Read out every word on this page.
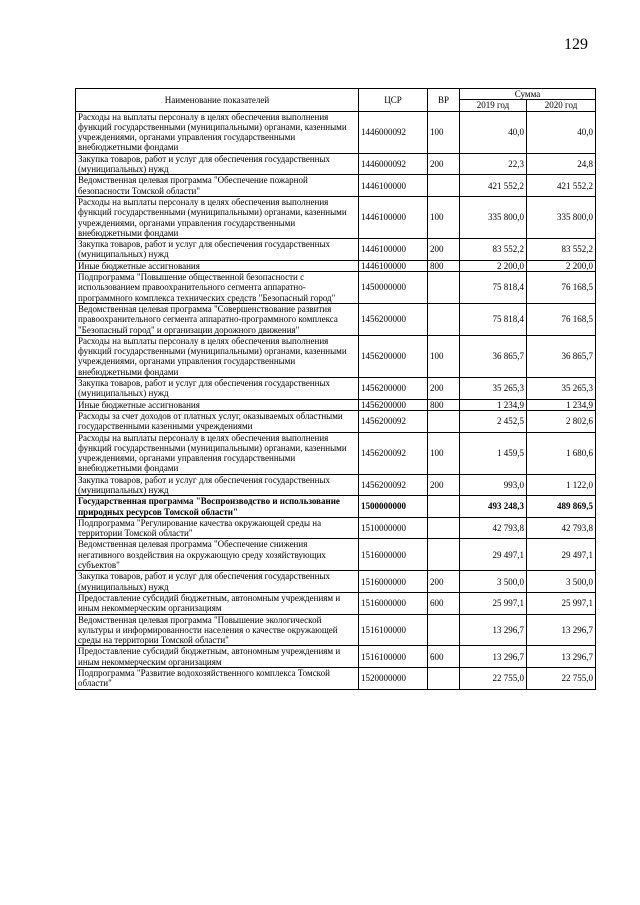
129
Наименование показателей	ЦСР	ВР	Сумма	
			2019 год	2020 год
Расходы на выплаты персоналу в целях обеспечения выполнения функций государственными (муниципальными) органами, казенными учреждениями, органами управления государственными внебюджетными фондами	1446000092	100	40,0	40,0
Закупка товаров, работ и услуг для обеспечения государственных (муниципальных) нужд	1446000092	200	22,3	24,8
Ведомственная целевая программа "Обеспечение пожарной безопасности Томской области"	1446100000		421 552,2	421 552,2
Расходы на выплаты персоналу в целях обеспечения выполнения функций государственными (муниципальными) органами, казенными учреждениями, органами управления государственными внебюджетными фондами	1446100000	100	335 800,0	335 800,0
Закупка товаров, работ и услуг для обеспечения государственных (муниципальных) нужд	1446100000	200	83 552,2	83 552,2
Иные бюджетные ассигнования	1446100000	800	2 200,0	2 200,0
Подпрограмма "Повышение общественной безопасности с использованием правоохранительного сегмента аппаратно-программного комплекса технических средств "Безопасный город"	1450000000		75 818,4	76 168,5
Ведомственная целевая программа "Совершенствование развития правоохранительного сегмента аппаратно-программного комплекса "Безопасный город" и организации дорожного движения"	1456200000		75 818,4	76 168,5
Расходы на выплаты персоналу в целях обеспечения выполнения функций государственными (муниципальными) органами, казенными учреждениями, органами управления государственными внебюджетными фондами	1456200000	100	36 865,7	36 865,7
Закупка товаров, работ и услуг для обеспечения государственных (муниципальных) нужд	1456200000	200	35 265,3	35 265,3
Иные бюджетные ассигнования	1456200000	800	1 234,9	1 234,9
Расходы за счет доходов от платных услуг, оказываемых областными государственными казенными учреждениями	1456200092		2 452,5	2 802,6
Расходы на выплаты персоналу в целях обеспечения выполнения функций государственными (муниципальными) органами, казенными учреждениями, органами управления государственными внебюджетными фондами	1456200092	100	1 459,5	1 680,6
Закупка товаров, работ и услуг для обеспечения государственных (муниципальных) нужд	1456200092	200	993,0	1 122,0
Государственная программа "Воспроизводство и использование природных ресурсов Томской области"	1500000000		493 248,3	489 869,5
Подпрограмма "Регулирование качества окружающей среды на территории Томской области"	1510000000		42 793,8	42 793,8
Ведомственная целевая программа "Обеспечение снижения негативного воздействия на окружающую среду хозяйствующих субъектов"	1516000000		29 497,1	29 497,1
Закупка товаров, работ и услуг для обеспечения государственных (муниципальных) нужд	1516000000	200	3 500,0	3 500,0
Предоставление субсидий бюджетным, автономным учреждениям и иным некоммерческим организациям	1516000000	600	25 997,1	25 997,1
Ведомственная целевая программа "Повышение экологической культуры и информированности населения о качестве окружающей среды на территории Томской области"	1516100000		13 296,7	13 296,7
Предоставление субсидий бюджетным, автономным учреждениям и иным некоммерческим организациям	1516100000	600	13 296,7	13 296,7
Подпрограмма "Развитие водохозяйственного комплекса Томской области"	1520000000		22 755,0	22 755,0
